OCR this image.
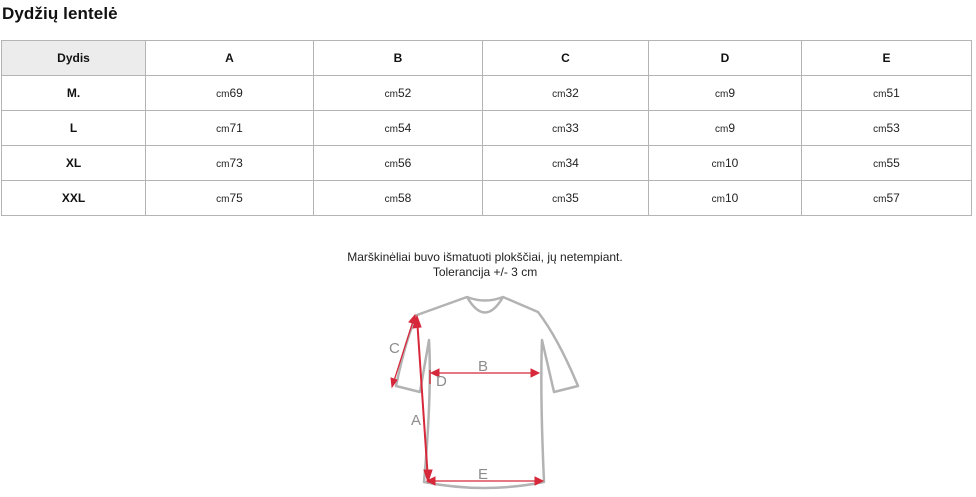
Dydžių lentelė
Dydis	A	B	C	D	E
M.	cm69	cm52	cm32	cm9	cm51
L	cm71	cm54	cm33	cm9	cm53
XL	cm73	cm56	cm34	cm10	cm55
XXL	cm75	cm58	cm35	cm10	cm57
Marškinėliai buvo išmatuoti plokščiai, jų netempiant.
Tolerancija +/- 3 cm
A
B
C
D
E
